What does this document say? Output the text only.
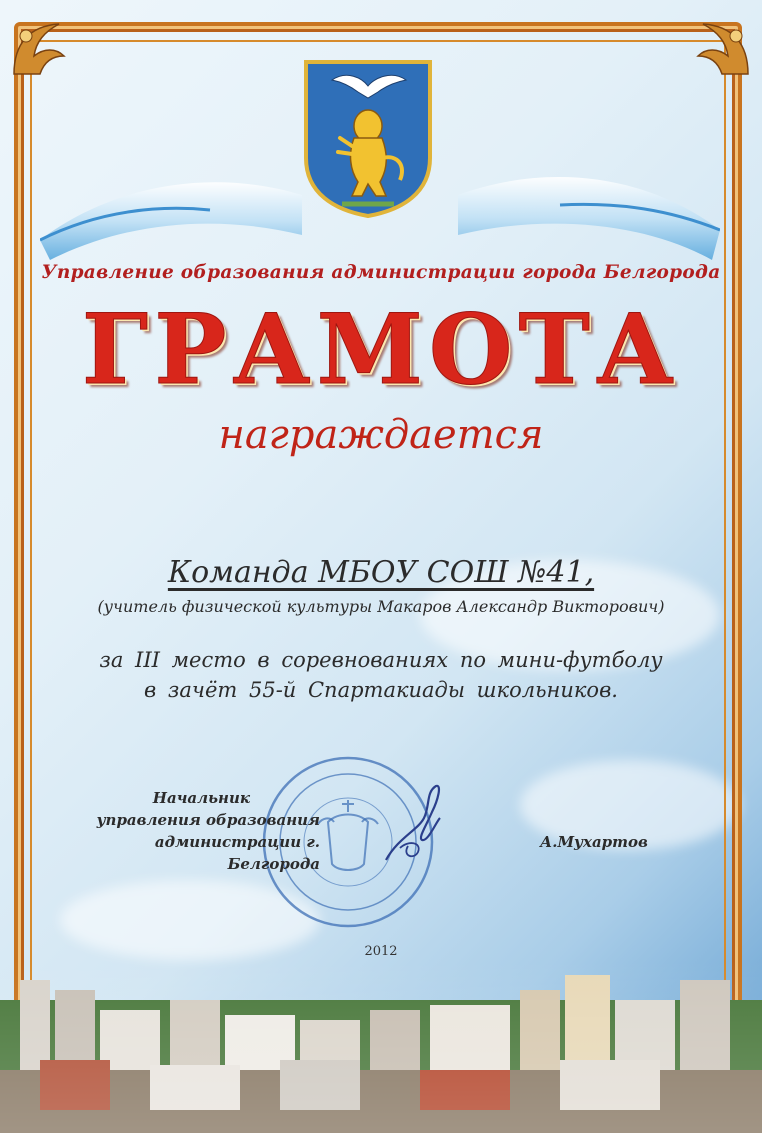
Управление образования администрации города Белгорода
ГРАМОТА
награждается
Команда МБОУ СОШ №41,
(учитель физической культуры Макаров Александр Викторович)
за III место в соревнованиях по мини-футболу
в зачёт 55-й Спартакиады школьников.
Начальник
управления образования
администрации г. Белгорода
А.Мухартов
2012
